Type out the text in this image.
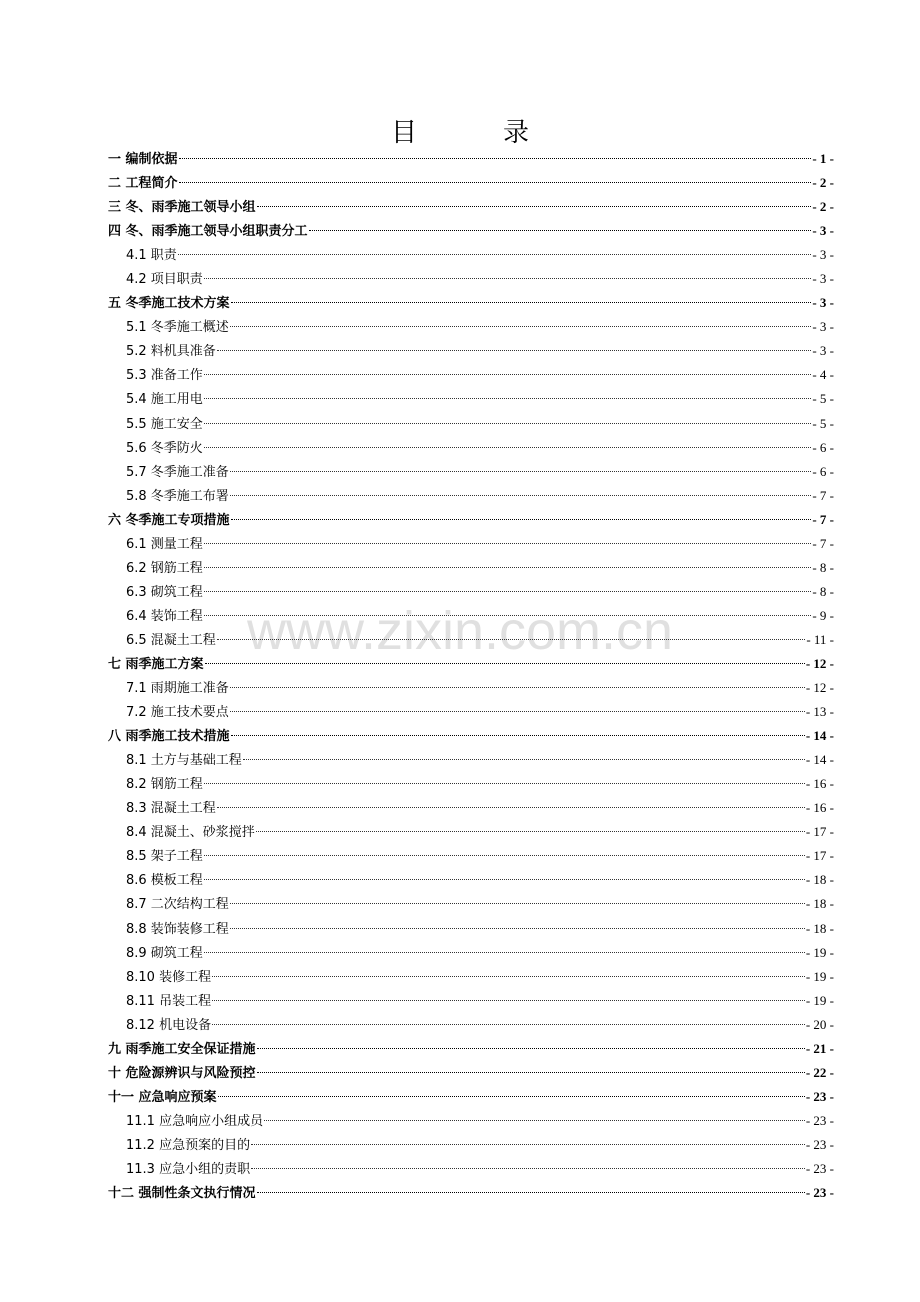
目　录
www.zixin.com.cn
一 编制依据	- 1 -
二 工程简介	- 2 -
三 冬、雨季施工领导小组	- 2 -
四 冬、雨季施工领导小组职责分工	- 3 -
4.1 职责	- 3 -
4.2 项目职责	- 3 -
五 冬季施工技术方案	- 3 -
5.1 冬季施工概述	- 3 -
5.2 料机具准备	- 3 -
5.3 准备工作	- 4 -
5.4 施工用电	- 5 -
5.5 施工安全	- 5 -
5.6 冬季防火	- 6 -
5.7 冬季施工准备	- 6 -
5.8 冬季施工布署	- 7 -
六 冬季施工专项措施	- 7 -
6.1 测量工程	- 7 -
6.2 钢筋工程	- 8 -
6.3 砌筑工程	- 8 -
6.4 装饰工程	- 9 -
6.5 混凝土工程	- 11 -
七 雨季施工方案	- 12 -
7.1 雨期施工准备	- 12 -
7.2 施工技术要点	- 13 -
八 雨季施工技术措施	- 14 -
8.1 土方与基础工程	- 14 -
8.2 钢筋工程	- 16 -
8.3 混凝土工程	- 16 -
8.4 混凝土、砂浆搅拌	- 17 -
8.5 架子工程	- 17 -
8.6 模板工程	- 18 -
8.7 二次结构工程	- 18 -
8.8 装饰装修工程	- 18 -
8.9 砌筑工程	- 19 -
8.10 装修工程	- 19 -
8.11 吊装工程	- 19 -
8.12 机电设备	- 20 -
九 雨季施工安全保证措施	- 21 -
十 危险源辨识与风险预控	- 22 -
十一 应急响应预案	- 23 -
11.1 应急响应小组成员	- 23 -
11.2 应急预案的目的	- 23 -
11.3 应急小组的责职	- 23 -
十二 强制性条文执行情况	- 23 -
